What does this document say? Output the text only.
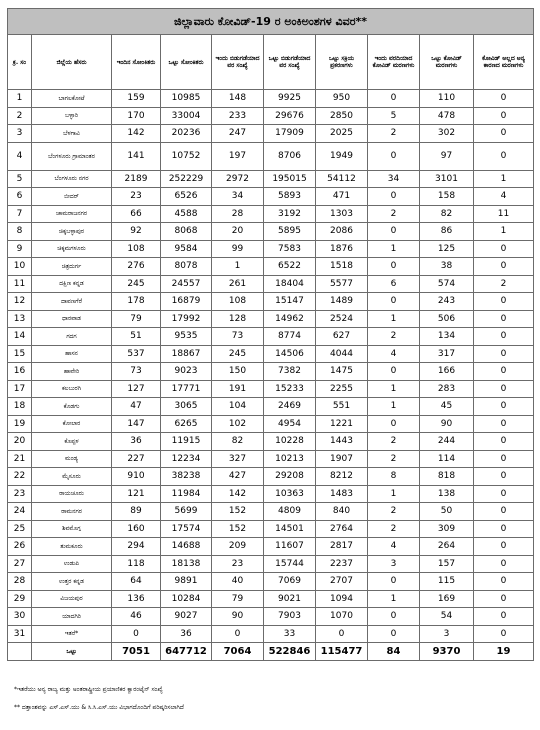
ಜಿಲ್ಲಾವಾರು ಕೋವಿಡ್-19 ರ ಅಂಕಿಅಂಶಗಳ ವಿವರ**									
ಕ್ರ. ಸಂ	ಜಿಲ್ಲೆಯ ಹೆಸರು	ಇಂದಿನ ಸೋಂಕಿತರು	ಒಟ್ಟು ಸೋಂಕಿತರು	ಇಂದು ಬಿಡುಗಡೆಯಾದ ವರ ಸಂಖ್ಯೆ	ಒಟ್ಟು ಬಿಡುಗಡೆಯಾದ ವರ ಸಂಖ್ಯೆ	ಒಟ್ಟು ಸಕ್ರಿಯ ಪ್ರಕರಣಗಳು	ಇಂದು ವರದಿಯಾದ ಕೋವಿಡ್ ಮರಣಗಳು	ಒಟ್ಟು ಕೋವಿಡ್ ಮರಣಗಳು	ಕೋವಿಡ್ ಅಲ್ಲದ ಅನ್ಯ ಕಾರಣದ ಮರಣಗಳು
1	ಬಾಗಲಕೋಟೆ	159	10985	148	9925	950	0	110	0
2	ಬಳ್ಳಾರಿ	170	33004	233	29676	2850	5	478	0
3	ಬೆಳಗಾವಿ	142	20236	247	17909	2025	2	302	0
4	ಬೆಂಗಳೂರು ಗ್ರಾಮಾಂತರ	141	10752	197	8706	1949	0	97	0
5	ಬೆಂಗಳೂರು ನಗರ	2189	252229	2972	195015	54112	34	3101	1
6	ಬೀದರ್	23	6526	34	5893	471	0	158	4
7	ಚಾಮರಾಜನಗರ	66	4588	28	3192	1303	2	82	11
8	ಚಿಕ್ಕಬಳ್ಳಾಪುರ	92	8068	20	5895	2086	0	86	1
9	ಚಿಕ್ಕಮಗಳೂರು	108	9584	99	7583	1876	1	125	0
10	ಚಿತ್ರದುರ್ಗ	276	8078	1	6522	1518	0	38	0
11	ದಕ್ಷಿಣ ಕನ್ನಡ	245	24557	261	18404	5577	6	574	2
12	ದಾವಣಗೆರೆ	178	16879	108	15147	1489	0	243	0
13	ಧಾರವಾಡ	79	17992	128	14962	2524	1	506	0
14	ಗದಗ	51	9535	73	8774	627	2	134	0
15	ಹಾಸನ	537	18867	245	14506	4044	4	317	0
16	ಹಾವೇರಿ	73	9023	150	7382	1475	0	166	0
17	ಕಲಬುರಗಿ	127	17771	191	15233	2255	1	283	0
18	ಕೊಡಗು	47	3065	104	2469	551	1	45	0
19	ಕೋಲಾರ	147	6265	102	4954	1221	0	90	0
20	ಕೊಪ್ಪಳ	36	11915	82	10228	1443	2	244	0
21	ಮಂಡ್ಯ	227	12234	327	10213	1907	2	114	0
22	ಮೈಸೂರು	910	38238	427	29208	8212	8	818	0
23	ರಾಯಚೂರು	121	11984	142	10363	1483	1	138	0
24	ರಾಮನಗರ	89	5699	152	4809	840	2	50	0
25	ಶಿವಮೊಗ್ಗ	160	17574	152	14501	2764	2	309	0
26	ತುಮಕೂರು	294	14688	209	11607	2817	4	264	0
27	ಉಡುಪಿ	118	18138	23	15744	2237	3	157	0
28	ಉತ್ತರ ಕನ್ನಡ	64	9891	40	7069	2707	0	115	0
29	ವಿಜಯಪುರ	136	10284	79	9021	1094	1	169	0
30	ಯಾದಗಿರಿ	46	9027	90	7903	1070	0	54	0
31	ಇತರೆ*	0	36	0	33	0	0	3	0
	ಒಟ್ಟು	7051	647712	7064	522846	115477	84	9370	19
*ಇತರೆಯು ಅನ್ಯ ರಾಜ್ಯ ಮತ್ತು ಅಂತರಾಷ್ಟ್ರೀಯ ಪ್ರಯಾಣಿಕರ ಕ್ವಾರಂಟೈನ್ ಸಂಖ್ಯೆ
** ದತ್ತಾಂಶವನ್ನು ಎಸ್.ಎಸ್.ಯು & ಸಿ.ಸಿ.ಎಸ್.ಯು ವಿಭಾಗದೊಂದಿಗೆ ಪರಿಷ್ಕರಿಸಲಾಗಿದೆ
